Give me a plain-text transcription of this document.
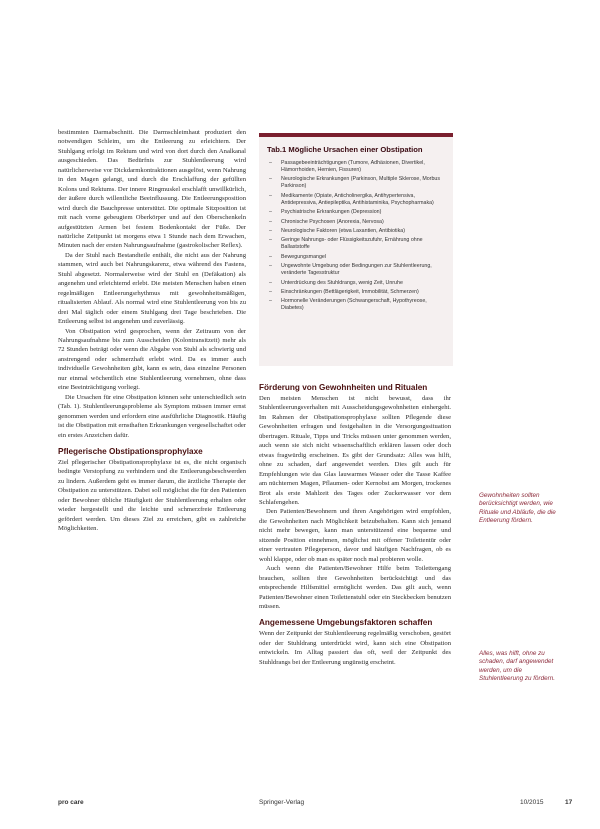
bestimmten Darmabschnitt. Die Darmschleimhaut produziert den notwendigen Schleim, um die Entleerung zu erleichtern. Der Stuhlgang erfolgt im Rektum und wird von dort durch den Analkanal ausgeschieden. Das Bedürfnis zur Stuhlentleerung wird natürlicherweise vor Dickdarmkontraktionen ausgelöst, wenn Nahrung in den Magen gelangt, und durch die Erschlaffung der gefüllten Kolons und Rektums. Der innere Ringmuskel erschlafft unwillkürlich, der äußere durch willentliche Beeinflussung. Die Entleerungsposition wird durch die Bauchpresse unterstützt. Die optimale Sitzposition ist mit nach vorne gebeugtem Oberkörper und auf den Oberschenkeln aufgestützten Armen bei festem Bodenkontakt der Füße. Der natürliche Zeitpunkt ist morgens etwa 1 Stunde nach dem Erwachen, Minuten nach der ersten Nahrungsaufnahme (gastrokolischer Reflex).

Da der Stuhl nach Bestandteile enthält, die nicht aus der Nahrung stammen, wird auch bei Nahrungskarenz, etwa während des Fastens, Stuhl abgesetzt. Normalerweise wird der Stuhl en (Defäkation) als angenehm und erleichternd erlebt. Die meisten Menschen haben einen regelmäßigen Entleerungsrhythmus mit gewohnheitsmäßigen, ritualisierten Ablauf. Als normal wird eine Stuhlentleerung von bis zu drei Mal täglich oder einem Stuhlgang drei Tage beschrieben. Die Entleerung selbst ist angenehm und zuverlässig.

Von Obstipation wird gesprochen, wenn der Zeitraum von der Nahrungsaufnahme bis zum Ausscheiden (Kolontransitzeit) mehr als 72 Stunden beträgt oder wenn die Abgabe von Stuhl als schwierig und anstrengend oder schmerzhaft erlebt wird. Da es immer auch individuelle Gewohnheiten gibt, kann es sein, dass einzelne Personen nur einmal wöchentlich eine Stuhlentleerung vornehmen, ohne dass eine Beeinträchtigung vorliegt.

Die Ursachen für eine Obstipation können sehr unterschiedlich sein (Tab. 1). Stuhlentleerungsprobleme als Symptom müssen immer ernst genommen werden und erfordern eine ausführliche Diagnostik. Häufig ist die Obstipation mit ernsthaften Erkrankungen vergesellschaftet oder ein erstes Anzeichen dafür.

Pflegerische Obstipationsprophylaxe

Ziel pflegerischer Obstipationsprophylaxe ist es, die nicht organisch bedingte Verstopfung zu verhindern und die Entleerungsbeschwerden zu lindern. Außerdem geht es immer darum, die ärztliche Therapie der Obstipation zu unterstützen. Dabei soll möglichst die für den Patienten oder Bewohner übliche Häufigkeit der Stuhlentleerung erhalten oder wieder hergestellt und die leichte und schmerzfreie Entleerung gefördert werden. Um dieses Ziel zu erreichen, gibt es zahlreiche Möglichkeiten.

Tab.1 Mögliche Ursachen einer Obstipation
– Passagebeeinträchtigungen (Tumore, Adhäsionen, Divertikel, Hämorrhoiden, Hernien, Fissuren)
– Neurologische Erkrankungen (Parkinson, Multiple Sklerose, Morbus Parkinson)
– Medikamente (Opiate, Anticholinergika, Antihypertensiva, Antidepressiva, Antiepileptika, Antihistaminika, Psychopharmaka)
– Psychiatrische Erkrankungen (Depression)
– Chronische Psychosen (Anorexia, Nervosa)
– Neurologische Faktoren (etwa Laxantien, Antibiotika)
– Geringe Nahrungs- oder Flüssigkeitszufuhr, Ernährung ohne Ballaststoffe
– Bewegungsmangel
– Ungewohnte Umgebung oder Bedingungen zur Stuhlentleerung, veränderte Tagesstruktur
– Unterdrückung des Stuhldrangs, wenig Zeit, Unruhe
– Einschränkungen (Bettlägerigkeit, Immobilität, Schmerzen)
– Hormonelle Veränderungen (Schwangerschaft, Hypothyreose, Diabetes)
Förderung von Gewohnheiten und Ritualen

Den meisten Menschen ist nicht bewusst, dass ihr Stuhlentleerungsverhalten mit Ausscheidungsgewohnheiten einhergeht. Im Rahmen der Obstipationsprophylaxe sollten Pflegende diese Gewohnheiten erfragen und festgehalten in die Versorgungssituation übertragen. Rituale, Tipps und Tricks müssen unter genommen werden, auch wenn sie sich nicht wissenschaftlich erklären lassen oder doch etwas fragwürdig erscheinen. Es gibt der Grundsatz: Alles was hilft, ohne zu schaden, darf angewendet werden. Dies gilt auch für Empfehlungen wie das Glas lauwarmes Wasser oder die Tasse Kaffee am nüchternen Magen, Pflaumen- oder Kernobst am Morgen, trockenes Brot als erste Mahlzeit des Tages oder Zuckerwasser vor dem Schlafengehen.

Den Patienten/Bewohnern und ihren Angehörigen wird empfohlen, die Gewohnheiten nach Möglichkeit beizubehalten. Kann sich jemand nicht mehr bewegen, kann man unterstützend eine bequeme und sitzende Position einnehmen, möglichst mit offener Toilettentür oder einer vertrauten Pflegeperson, davor und häufigen Nachfragen, ob es wohl klappe, oder ob man es später noch mal probieren wolle.

Auch wenn die Patienten/Bewohner Hilfe beim Toilettengang brauchen, sollten ihre Gewohnheiten berücksichtigt und das entsprechende Hilfsmittel ermöglicht werden. Das gilt auch, wenn Patienten/Bewohner einen Toilettenstuhl oder ein Steckbecken benutzen müssen.

Angemessene Umgebungsfaktoren schaffen

Wenn der Zeitpunkt der Stuhlentleerung regelmäßig verschoben, gestört oder der Stuhldrang unterdrückt wird, kann sich eine Obstipation entwickeln. Im Alltag passiert das oft, weil der Zeitpunkt des Stuhldrangs bei der Entleerung ungünstig erscheint.

Gewohnheiten sollten berücksichtigt werden, wie Rituale und Abläufe, die die Entleerung fördern.
Alles, was hilft, ohne zu schaden, darf angewendet werden, um die Stuhlentleerung zu fördern.
pro care	Springer-Verlag	10/2015	17
